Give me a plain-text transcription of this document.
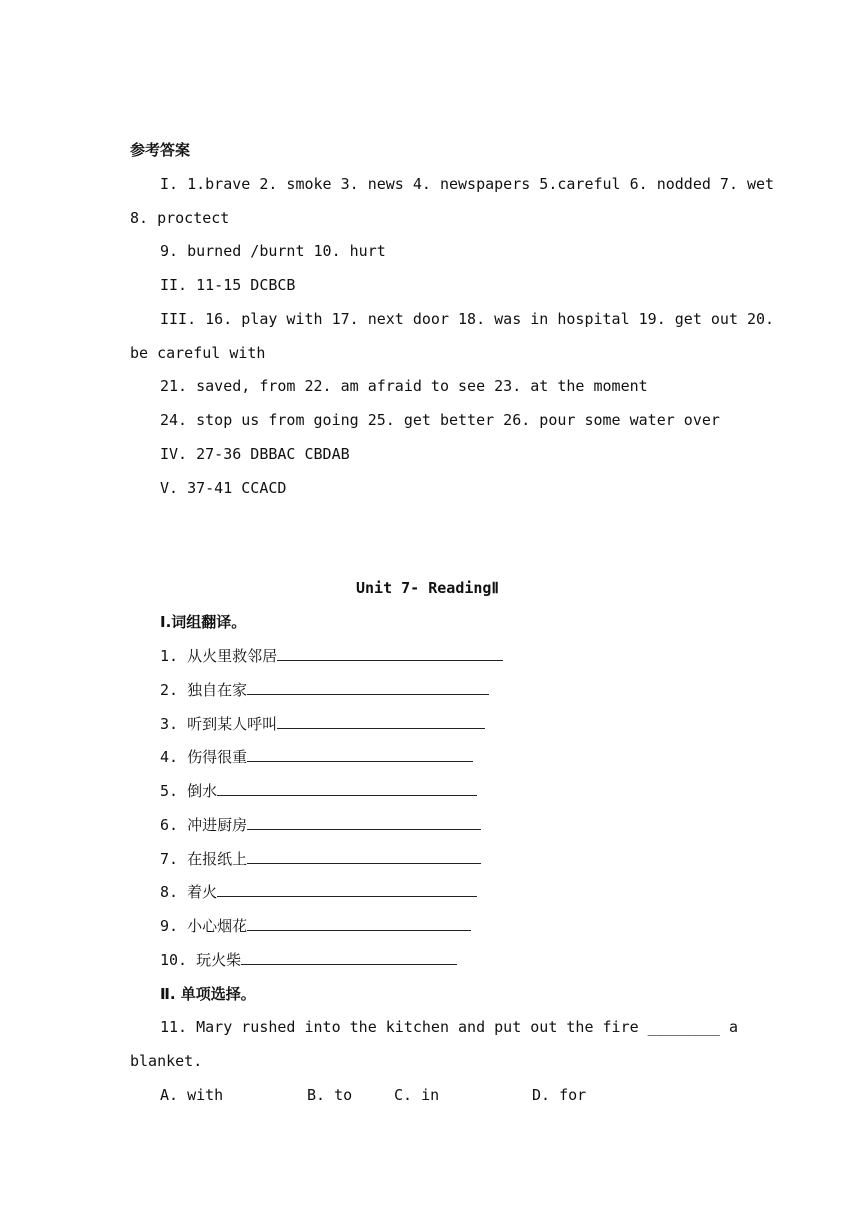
参考答案
I. 1.brave 2. smoke 3. news 4. newspapers 5.careful 6. nodded 7. wet
8. proctect
9. burned /burnt 10. hurt
II. 11-15 DCBCB
III. 16. play with 17. next door 18. was in hospital 19. get out 20.
be careful with
21. saved, from 22. am afraid to see 23. at the moment
24. stop us from going 25. get better 26. pour some water over
IV. 27-36 DBBAC CBDAB
V. 37-41 CCACD
Unit 7- ReadingⅡ
Ⅰ.词组翻译。
1. 从火里救邻居
2. 独自在家
3. 听到某人呼叫
4. 伤得很重
5. 倒水
6. 冲进厨房
7. 在报纸上
8. 着火
9. 小心烟花
10. 玩火柴
Ⅱ. 单项选择。
11. Mary rushed into the kitchen and put out the fire ________ a
blanket.
A. with	B. to	C. in	D. for
